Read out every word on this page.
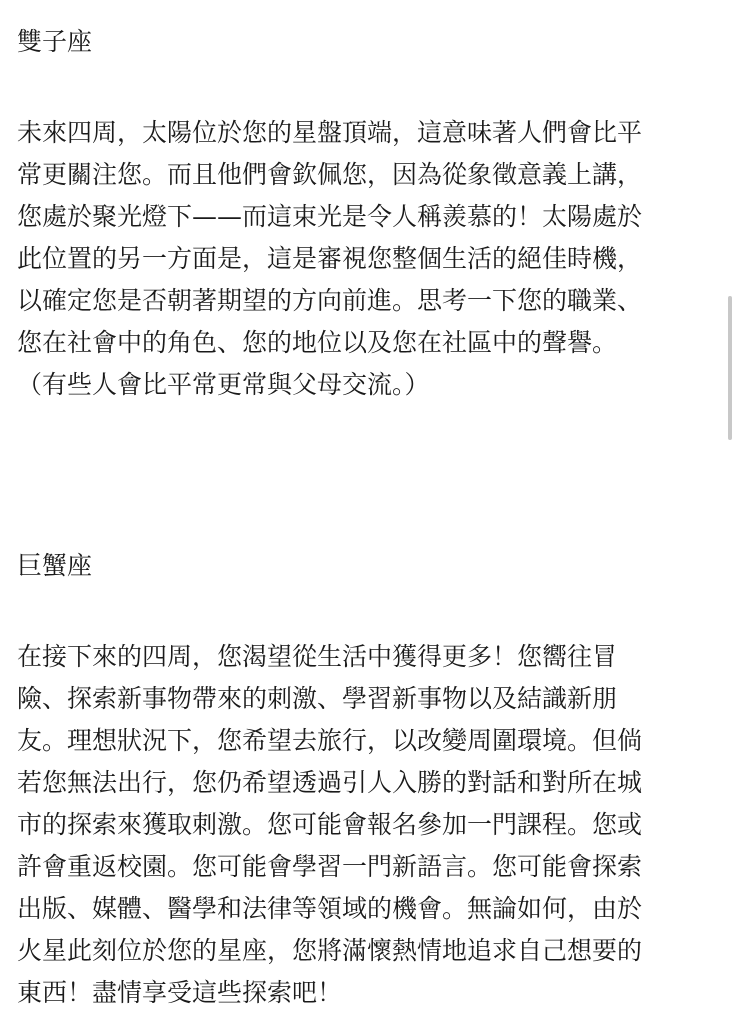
雙子座
未來四周，太陽位於您的星盤頂端，這意味著人們會比平
常更關注您。而且他們會欽佩您，因為從象徵意義上講，
您處於聚光燈下——而這束光是令人稱羨慕的！太陽處於
此位置的另一方面是，這是審視您整個生活的絕佳時機，
以確定您是否朝著期望的方向前進。思考一下您的職業、
您在社會中的角色、您的地位以及您在社區中的聲譽。
（有些人會比平常更常與父母交流。）
巨蟹座
在接下來的四周，您渴望從生活中獲得更多！您嚮往冒
險、探索新事物帶來的刺激、學習新事物以及結識新朋
友。理想狀況下，您希望去旅行，以改變周圍環境。但倘
若您無法出行，您仍希望透過引人入勝的對話和對所在城
市的探索來獲取刺激。您可能會報名參加一門課程。您或
許會重返校園。您可能會學習一門新語言。您可能會探索
出版、媒體、醫學和法律等領域的機會。無論如何，由於
火星此刻位於您的星座，您將滿懷熱情地追求自己想要的
東西！盡情享受這些探索吧！
